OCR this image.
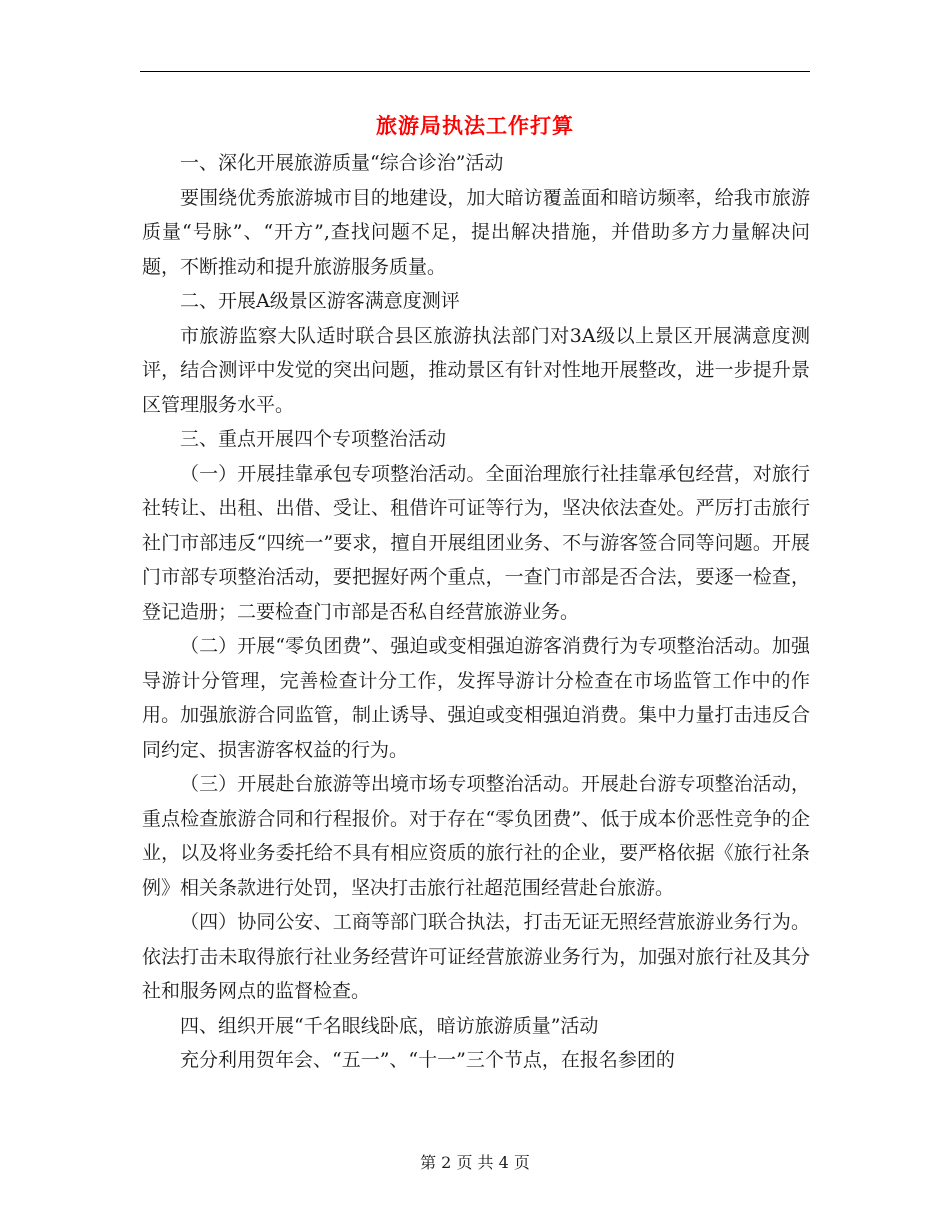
旅游局执法工作打算

一、深化开展旅游质量“综合诊治”活动

要围绕优秀旅游城市目的地建设，加大暗访覆盖面和暗访频率，给我市旅游质量“号脉”、“开方”,查找问题不足，提出解决措施，并借助多方力量解决问题，不断推动和提升旅游服务质量。

二、开展A级景区游客满意度测评

市旅游监察大队适时联合县区旅游执法部门对3A级以上景区开展满意度测评，结合测评中发觉的突出问题，推动景区有针对性地开展整改，进一步提升景区管理服务水平。

三、重点开展四个专项整治活动

（一）开展挂靠承包专项整治活动。全面治理旅行社挂靠承包经营，对旅行社转让、出租、出借、受让、租借许可证等行为，坚决依法查处。严厉打击旅行社门市部违反“四统一”要求，擅自开展组团业务、不与游客签合同等问题。开展门市部专项整治活动，要把握好两个重点，一查门市部是否合法，要逐一检查，登记造册；二要检查门市部是否私自经营旅游业务。

（二）开展“零负团费”、强迫或变相强迫游客消费行为专项整治活动。加强导游计分管理，完善检查计分工作，发挥导游计分检查在市场监管工作中的作用。加强旅游合同监管，制止诱导、强迫或变相强迫消费。集中力量打击违反合同约定、损害游客权益的行为。

（三）开展赴台旅游等出境市场专项整治活动。开展赴台游专项整治活动，重点检查旅游合同和行程报价。对于存在“零负团费”、低于成本价恶性竞争的企业，以及将业务委托给不具有相应资质的旅行社的企业，要严格依据《旅行社条例》相关条款进行处罚，坚决打击旅行社超范围经营赴台旅游。

（四）协同公安、工商等部门联合执法，打击无证无照经营旅游业务行为。依法打击未取得旅行社业务经营许可证经营旅游业务行为，加强对旅行社及其分社和服务网点的监督检查。

四、组织开展“千名眼线卧底，暗访旅游质量”活动

充分利用贺年会、“五一”、“十一”三个节点，在报名参团的

第 2 页 共 4 页
